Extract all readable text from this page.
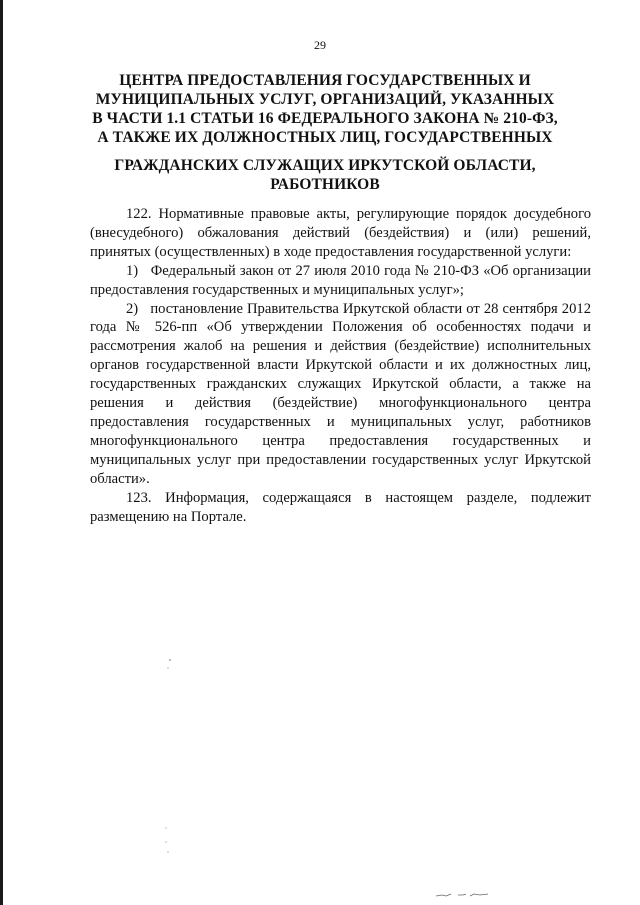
29
ЦЕНТРА ПРЕДОСТАВЛЕНИЯ ГОСУДАРСТВЕННЫХ И МУНИЦИПАЛЬНЫХ УСЛУГ, ОРГАНИЗАЦИЙ, УКАЗАННЫХ В ЧАСТИ 1.1 СТАТЬИ 16 ФЕДЕРАЛЬНОГО ЗАКОНА № 210-ФЗ, А ТАКЖЕ ИХ ДОЛЖНОСТНЫХ ЛИЦ, ГОСУДАРСТВЕННЫХ
ГРАЖДАНСКИХ СЛУЖАЩИХ ИРКУТСКОЙ ОБЛАСТИ, РАБОТНИКОВ

122. Нормативные правовые акты, регулирующие порядок досудебного (внесудебного) обжалования действий (бездействия) и (или) решений, принятых (осуществленных) в ходе предоставления государственной услуги:

1)   Федеральный закон от 27 июля 2010 года № 210-ФЗ «Об организации предоставления государственных и муниципальных услуг»;

2)   постановление Правительства Иркутской области от 28 сентября 2012 года № 526-пп «Об утверждении Положения об особенностях подачи и рассмотрения жалоб на решения и действия (бездействие) исполнительных органов государственной власти Иркутской области и их должностных лиц, государственных гражданских служащих Иркутской области, а также на решения и действия (бездействие) многофункционального центра предоставления государственных и муниципальных услуг, работников многофункционального центра предоставления государственных и муниципальных услуг при предоставлении государственных услуг Иркутской области».

123. Информация, содержащаяся в настоящем разделе, подлежит размещению на Портале.
